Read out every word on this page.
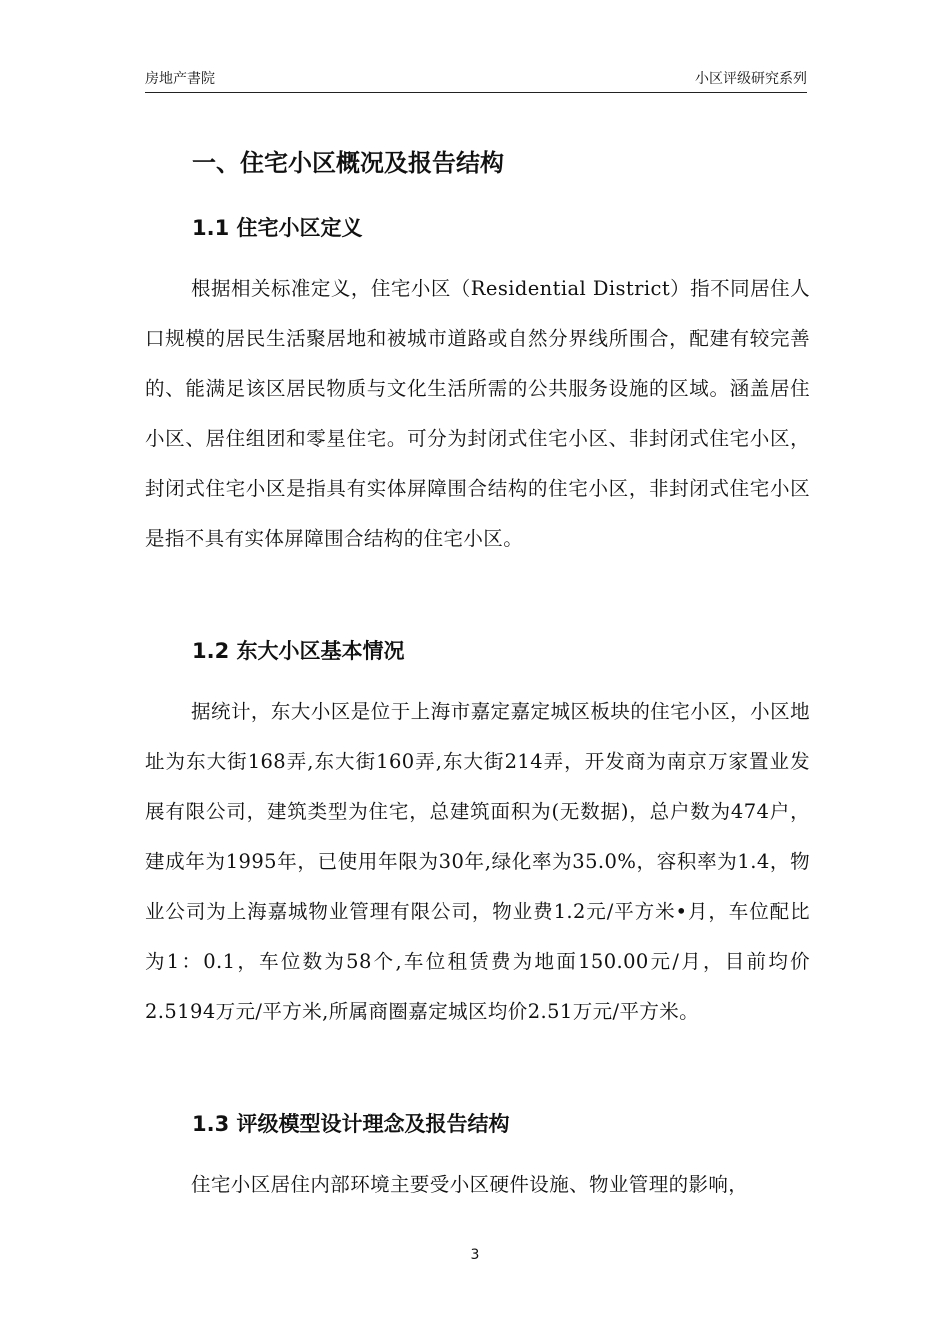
房地产書院	小区评级研究系列
一、住宅小区概况及报告结构
1.1 住宅小区定义
根据相关标准定义，住宅小区（Residential District）指不同居住人口规模的居民生活聚居地和被城市道路或自然分界线所围合，配建有较完善的、能满足该区居民物质与文化生活所需的公共服务设施的区域。涵盖居住小区、居住组团和零星住宅。可分为封闭式住宅小区、非封闭式住宅小区，封闭式住宅小区是指具有实体屏障围合结构的住宅小区，非封闭式住宅小区是指不具有实体屏障围合结构的住宅小区。
1.2 东大小区基本情况
据统计，东大小区是位于上海市嘉定嘉定城区板块的住宅小区，小区地址为东大街168弄,东大街160弄,东大街214弄，开发商为南京万家置业发展有限公司，建筑类型为住宅，总建筑面积为(无数据)，总户数为474户，建成年为1995年，已使用年限为30年,绿化率为35.0%，容积率为1.4，物业公司为上海嘉城物业管理有限公司，物业费1.2元/平方米•月，车位配比为1：0.1，车位数为58个,车位租赁费为地面150.00元/月，目前均价2.5194万元/平方米,所属商圈嘉定城区均价2.51万元/平方米。
1.3 评级模型设计理念及报告结构
住宅小区居住内部环境主要受小区硬件设施、物业管理的影响，
3
